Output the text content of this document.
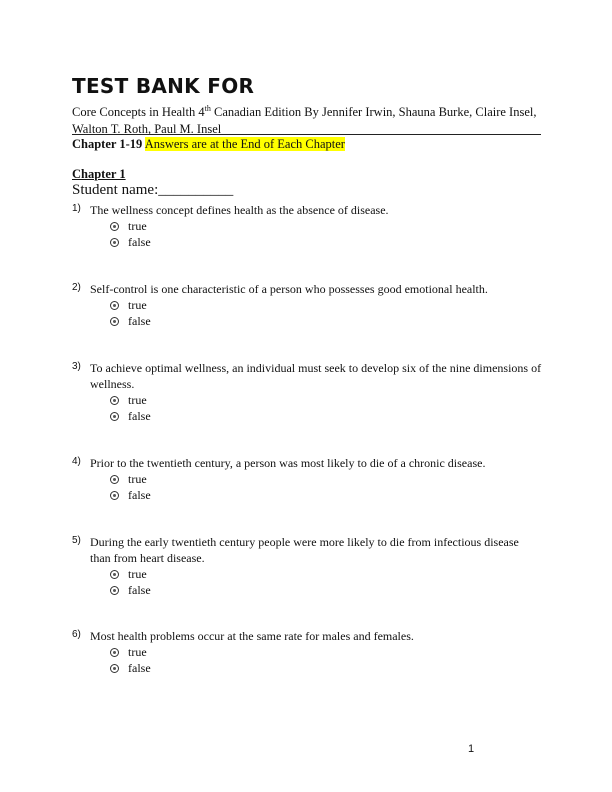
TEST BANK FOR
Core Concepts in Health 4th Canadian Edition By Jennifer Irwin, Shauna Burke, Claire Insel,
Walton T. Roth, Paul M. Insel
Chapter 1-19 Answers are at the End of Each Chapter
Chapter 1
Student name:__________
1) The wellness concept defines health as the absence of disease.
true
false
2) Self-control is one characteristic of a person who possesses good emotional health.
true
false
3) To achieve optimal wellness, an individual must seek to develop six of the nine dimensions of wellness.
true
false
4) Prior to the twentieth century, a person was most likely to die of a chronic disease.
true
false
5) During the early twentieth century people were more likely to die from infectious disease than from heart disease.
true
false
6) Most health problems occur at the same rate for males and females.
true
false
1
